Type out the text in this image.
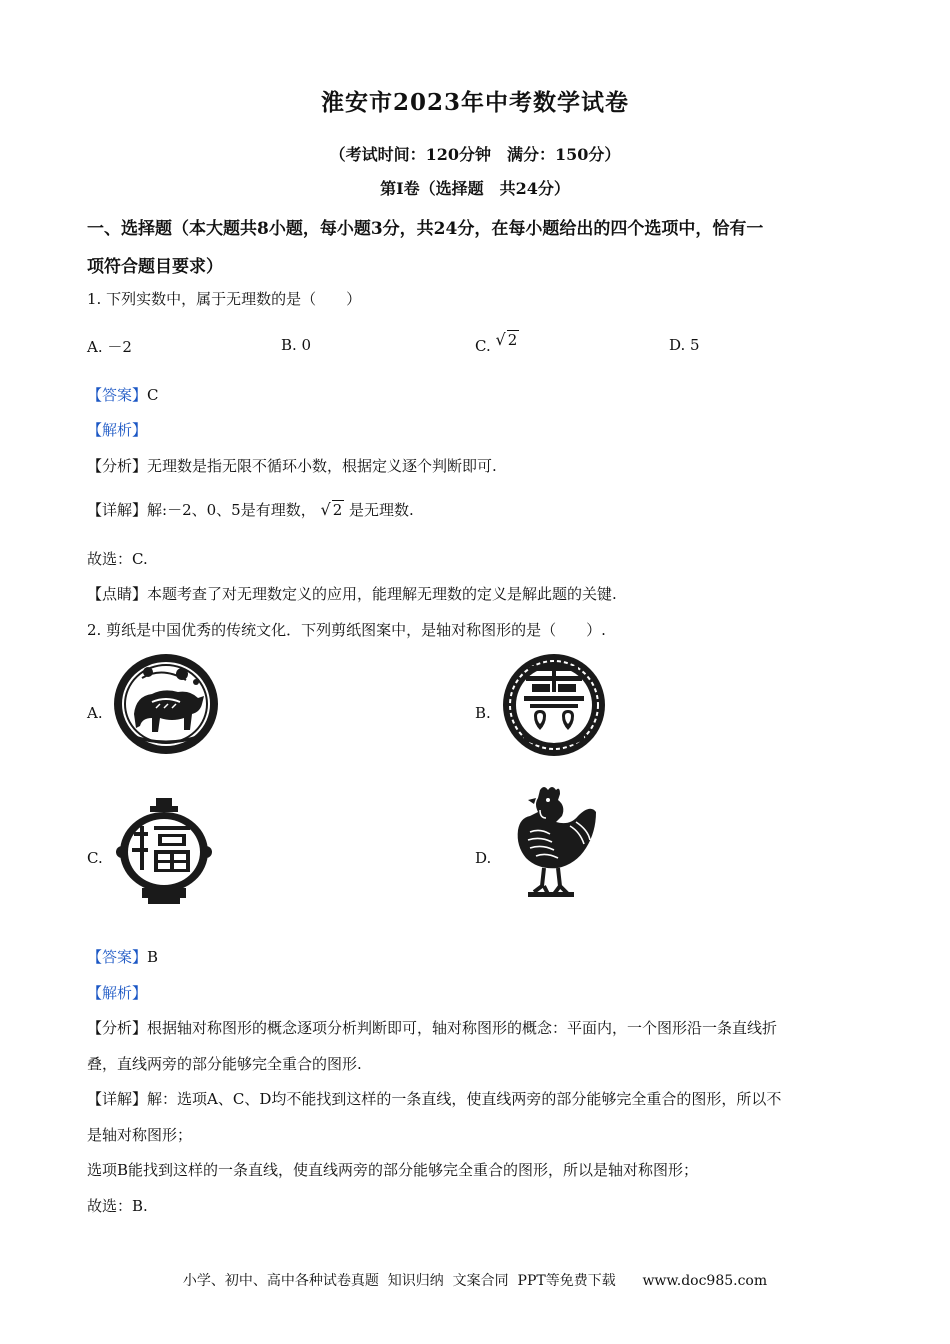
淮安市2023年中考数学试卷
（考试时间：120分钟　满分：150分）
第Ⅰ卷（选择题　共24分）
一、选择题（本大题共8小题，每小题3分，共24分，在每小题给出的四个选项中，恰有一
项符合题目要求）
1. 下列实数中，属于无理数的是（　　）
A. －2	B. 0	C. √ 2	D. 5
【答案】C
【解析】
【分析】无理数是指无限不循环小数，根据定义逐个判断即可.
【详解】解:－2、0、5是有理数， √ 2 是无理数.
故选：C.
【点睛】本题考查了对无理数定义的应用，能理解无理数的定义是解此题的关键.
2. 剪纸是中国优秀的传统文化．下列剪纸图案中，是轴对称图形的是（　　）.
A.	B.
C.	D.
【答案】B
【解析】
【分析】根据轴对称图形的概念逐项分析判断即可，轴对称图形的概念：平面内，一个图形沿一条直线折
叠，直线两旁的部分能够完全重合的图形.
【详解】解：选项A、C、D均不能找到这样的一条直线，使直线两旁的部分能够完全重合的图形，所以不
是轴对称图形；
选项B能找到这样的一条直线，使直线两旁的部分能够完全重合的图形，所以是轴对称图形；
故选：B.
小学、初中、高中各种试卷真题  知识归纳  文案合同  PPT等免费下载 www.doc985.com
